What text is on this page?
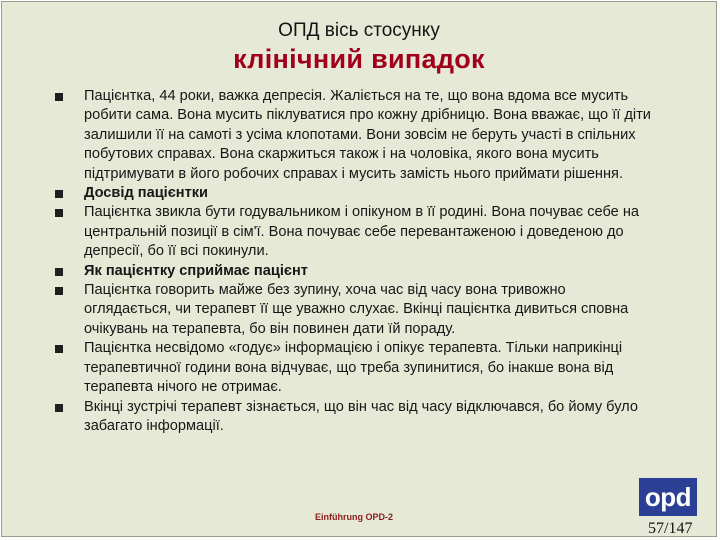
ОПД вісь стосунку
клінічний випадок
Пацієнтка, 44 роки, важка депресія. Жаліється на те, що вона вдома все мусить робити сама. Вона мусить піклуватися про кожну дрібницю. Вона вважає, що її діти залишили її на самоті з усіма клопотами. Вони зовсім не беруть участі в спільних побутових справах. Вона скаржиться також і на чоловіка, якого вона мусить підтримувати в його робочих справах і мусить замість нього приймати рішення.
Досвід пацієнтки
Пацієнтка звикла бути годувальником і опікуном в її родині. Вона почуває себе на центральній позиції в сім'ї. Вона почуває себе перевантаженою і доведеною до депресії, бо її всі покинули.
Як пацієнтку сприймає пацієнт
Пацієнтка говорить майже без зупину, хоча час від часу вона тривожно оглядається, чи терапевт її ще уважно слухає. Вкінці пацієнтка дивиться сповна очікувань на терапевта, бо він повинен дати їй пораду.
Пацієнтка несвідомо «годує» інформацією і опікує терапевта. Тільки наприкінці терапевтичної години вона відчуває, що треба зупинитися, бо інакше вона від терапевта нічого не отримає.
Вкінці зустрічі терапевт зізнається, що він час від часу відключався, бо йому було забагато інформації.
Einführung OPD-2
opd
57/147
